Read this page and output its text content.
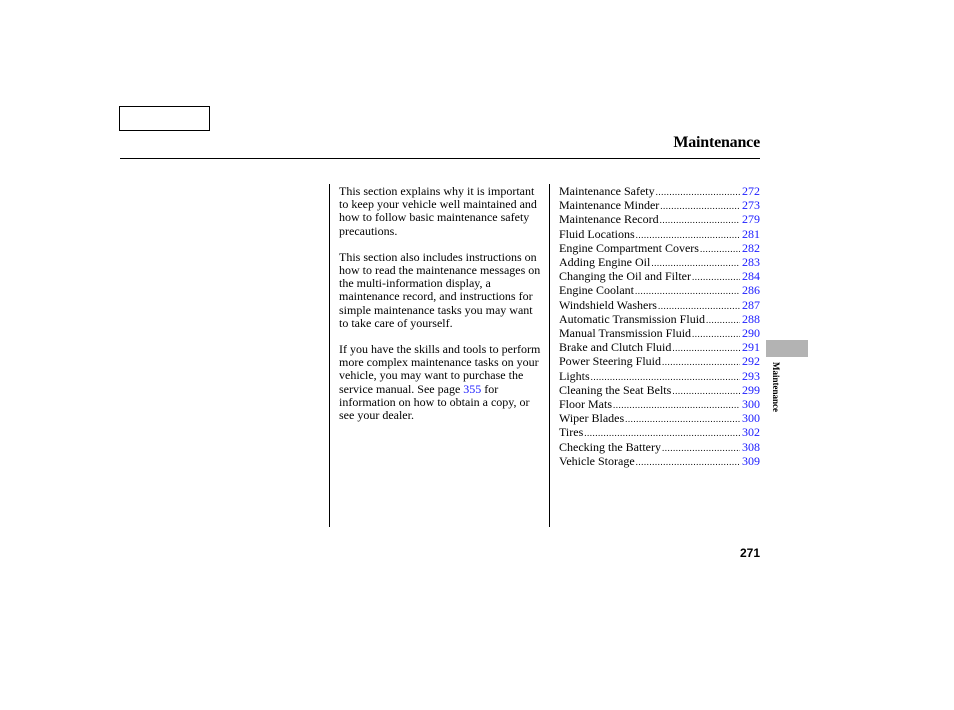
Maintenance

This section explains why it is important to keep your vehicle well maintained and how to follow basic maintenance safety precautions.

This section also includes instructions on how to read the maintenance messages on the multi-information display, a maintenance record, and instructions for simple maintenance tasks you may want to take care of yourself.

If you have the skills and tools to perform more complex maintenance tasks on your vehicle, you may want to purchase the service manual. See page 355 for information on how to obtain a copy, or see your dealer.

Maintenance Safety .....	272
Maintenance Minder .....	273
Maintenance Record .....	279
Fluid Locations .....	281
Engine Compartment Covers .....	282
Adding Engine Oil .....	283
Changing the Oil and Filter .....	284
Engine Coolant .....	286
Windshield Washers .....	287
Automatic Transmission Fluid .....	288
Manual Transmission Fluid .....	290
Brake and Clutch Fluid .....	291
Power Steering Fluid .....	292
Lights .....	293
Cleaning the Seat Belts .....	299
Floor Mats .....	300
Wiper Blades .....	300
Tires .....	302
Checking the Battery .....	308
Vehicle Storage .....	309
Maintenance
271
